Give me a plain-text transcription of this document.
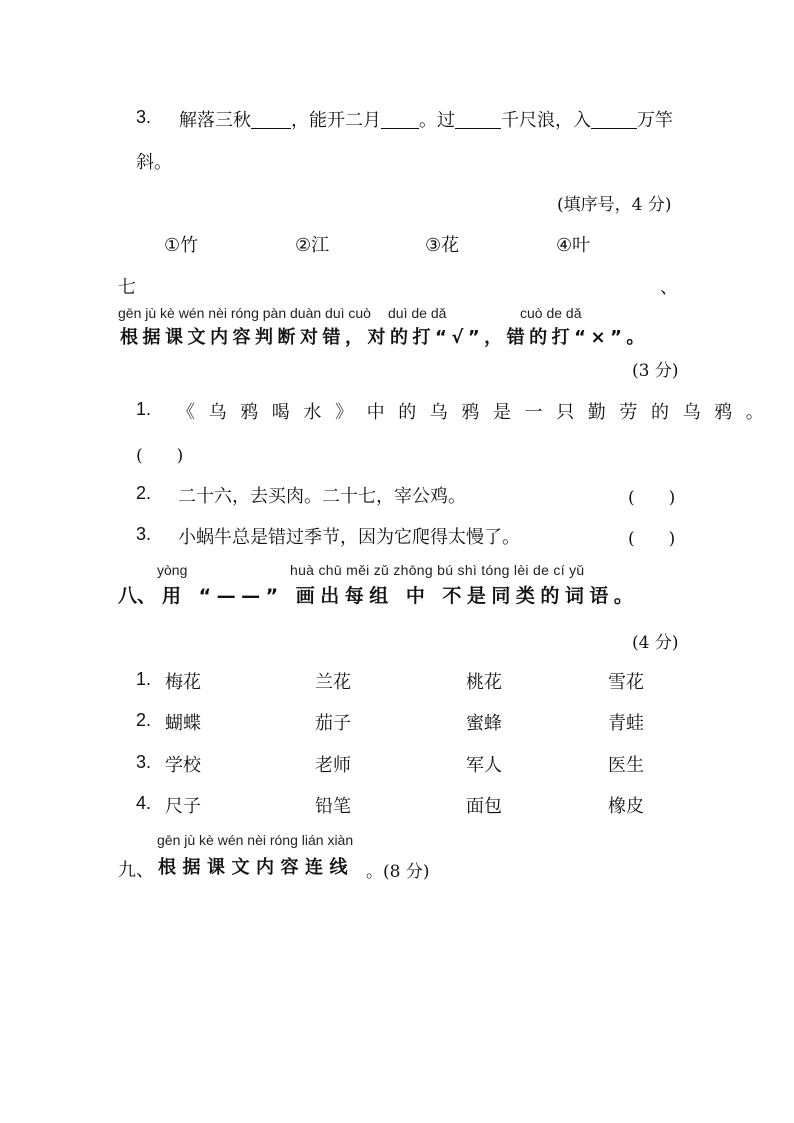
3. 解落三秋 ，能开二月 。过	千尺浪，入	万竿
斜。
(填序号，4 分)
①竹	②江	③花	④叶
七	、
gēn jù kè wén nèi róng pàn duàn duì cuò duì de dǎ	cuò de dǎ
根据课文内容判断对错，对的打“√”，错的打“×”。
(3 分)
1. 《乌鸦喝水》中的乌鸦是一只勤劳的乌鸦。
(　　)
2. 二十六，去买肉。二十七，宰公鸡。	(　　)
3. 小蜗牛总是错过季节，因为它爬得太慢了。	(　　)
yòng	huà chū měi zǔ zhōng bú shì tóng lèi de cí yǔ
八、 用 “——” 画出每组 中 不是同类的词语。
(4 分)
1. 梅花	兰花	桃花	雪花
2. 蝴蝶	茄子	蜜蜂	青蛙
3. 学校	老师	军人	医生
4. 尺子	铅笔	面包	橡皮
gēn jù kè wén nèi róng lián xiàn
九、 根据课文内容连线 。(8 分)
